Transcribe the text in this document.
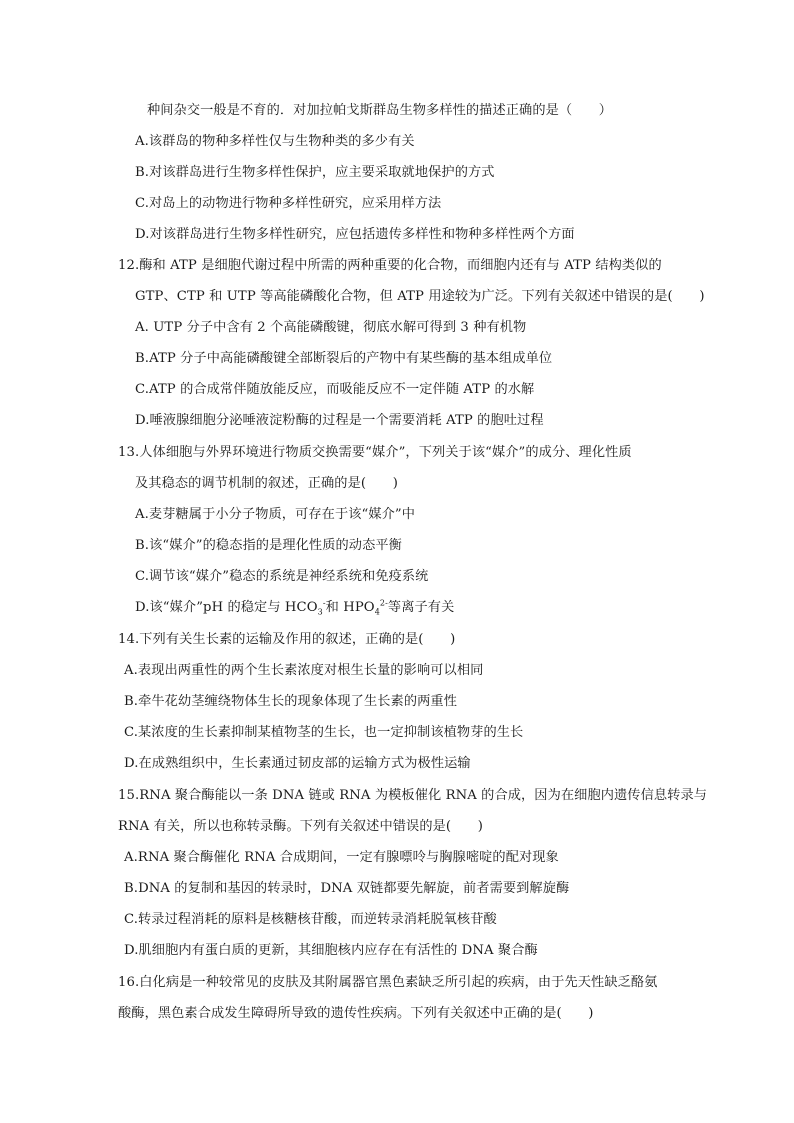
种间杂交一般是不育的．对加拉帕戈斯群岛生物多样性的描述正确的是（　　）
A.该群岛的物种多样性仅与生物种类的多少有关
B.对该群岛进行生物多样性保护，应主要采取就地保护的方式
C.对岛上的动物进行物种多样性研究，应采用样方法
D.对该群岛进行生物多样性研究，应包括遗传多样性和物种多样性两个方面
12.酶和 ATP 是细胞代谢过程中所需的两种重要的化合物，而细胞内还有与 ATP 结构类似的
GTP、CTP 和 UTP 等高能磷酸化合物，但 ATP 用途较为广泛。下列有关叙述中错误的是(　　)
A. UTP 分子中含有 2 个高能磷酸键，彻底水解可得到 3 种有机物
B.ATP 分子中高能磷酸键全部断裂后的产物中有某些酶的基本组成单位
C.ATP 的合成常伴随放能反应，而吸能反应不一定伴随 ATP 的水解
D.唾液腺细胞分泌唾液淀粉酶的过程是一个需要消耗 ATP 的胞吐过程
13.人体细胞与外界环境进行物质交换需要“媒介”，下列关于该“媒介”的成分、理化性质
及其稳态的调节机制的叙述，正确的是(　　)
A.麦芽糖属于小分子物质，可存在于该“媒介”中
B.该“媒介”的稳态指的是理化性质的动态平衡
C.调节该“媒介”稳态的系统是神经系统和免疫系统
D.该“媒介”pH 的稳定与 $HCO_3^-$和 $HPO_4^{2-}$等离子有关
14.下列有关生长素的运输及作用的叙述，正确的是(　　)
A.表现出两重性的两个生长素浓度对根生长量的影响可以相同
B.牵牛花幼茎缠绕物体生长的现象体现了生长素的两重性
C.某浓度的生长素抑制某植物茎的生长，也一定抑制该植物芽的生长
D.在成熟组织中，生长素通过韧皮部的运输方式为极性运输
15.RNA 聚合酶能以一条 DNA 链或 RNA 为模板催化 RNA 的合成，因为在细胞内遗传信息转录与
RNA 有关，所以也称转录酶。下列有关叙述中错误的是(　　)
A.RNA 聚合酶催化 RNA 合成期间，一定有腺嘌呤与胸腺嘧啶的配对现象
B.DNA 的复制和基因的转录时，DNA 双链都要先解旋，前者需要到解旋酶
C.转录过程消耗的原料是核糖核苷酸，而逆转录消耗脱氧核苷酸
D.肌细胞内有蛋白质的更新，其细胞核内应存在有活性的 DNA 聚合酶
16.白化病是一种较常见的皮肤及其附属器官黑色素缺乏所引起的疾病，由于先天性缺乏酪氨
酸酶，黑色素合成发生障碍所导致的遗传性疾病。下列有关叙述中正确的是(　　)
